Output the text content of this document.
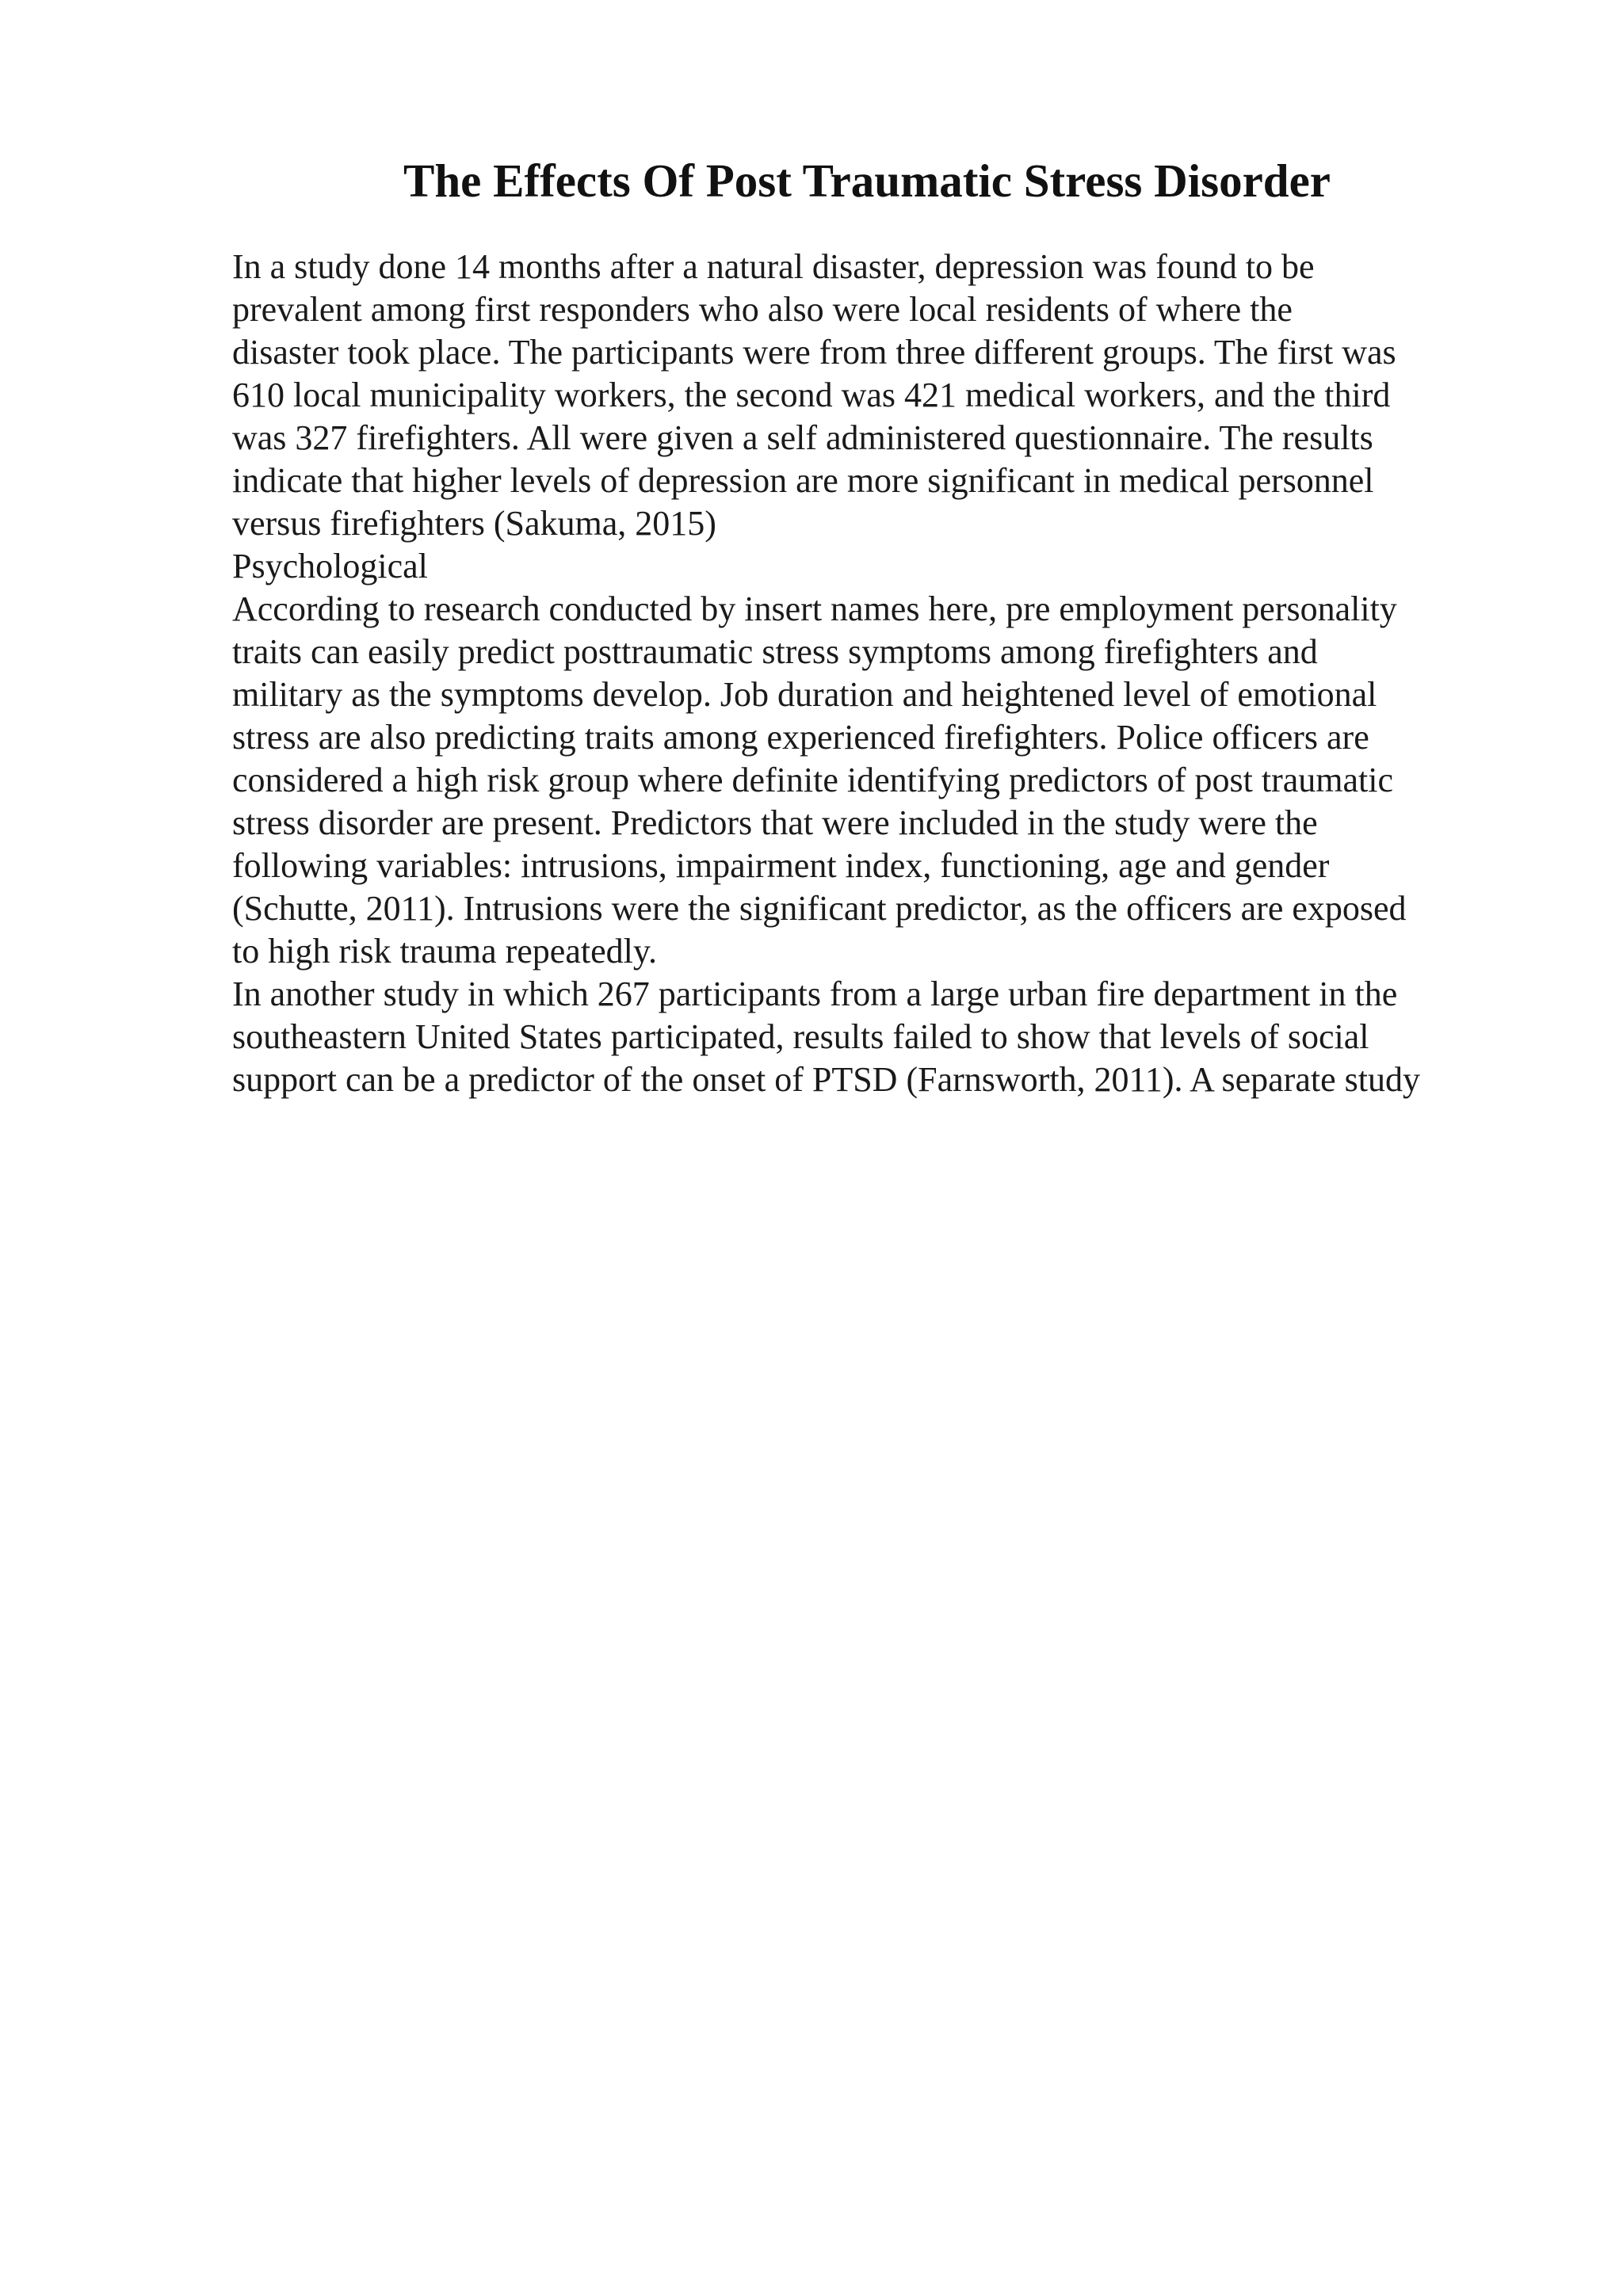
The Effects Of Post Traumatic Stress Disorder
In a study done 14 months after a natural disaster, depression was found to be
prevalent among first responders who also were local residents of where the
disaster took place. The participants were from three different groups. The first was
610 local municipality workers, the second was 421 medical workers, and the third
was 327 firefighters. All were given a self administered questionnaire. The results
indicate that higher levels of depression are more significant in medical personnel
versus firefighters (Sakuma, 2015)
Psychological
According to research conducted by insert names here, pre employment personality
traits can easily predict posttraumatic stress symptoms among firefighters and
military as the symptoms develop. Job duration and heightened level of emotional
stress are also predicting traits among experienced firefighters. Police officers are
considered a high risk group where definite identifying predictors of post traumatic
stress disorder are present. Predictors that were included in the study were the
following variables: intrusions, impairment index, functioning, age and gender
(Schutte, 2011). Intrusions were the significant predictor, as the officers are exposed
to high risk trauma repeatedly.
In another study in which 267 participants from a large urban fire department in the
southeastern United States participated, results failed to show that levels of social
support can be a predictor of the onset of PTSD (Farnsworth, 2011). A separate study
